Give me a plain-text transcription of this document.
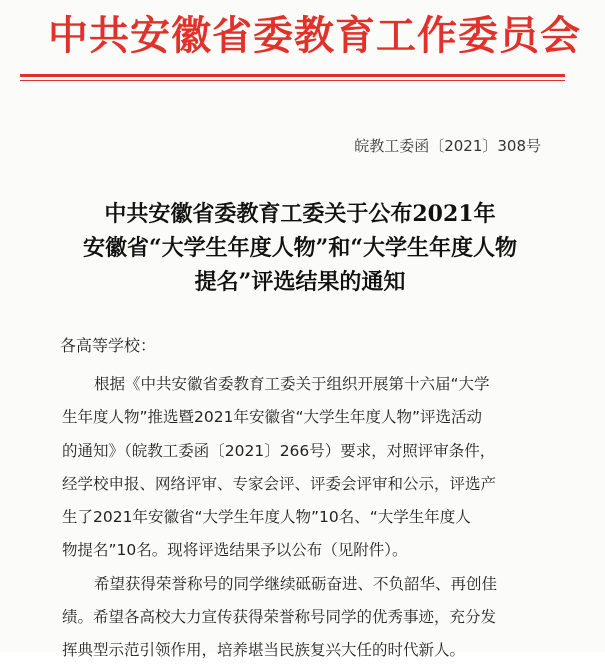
中共安徽省委教育工作委员会
皖教工委函〔2021〕308号
中共安徽省委教育工委关于公布2021年
安徽省“大学生年度人物”和“大学生年度人物
提名”评选结果的通知
各高等学校：
根据《中共安徽省委教育工委关于组织开展第十六届“大学
生年度人物”推选暨2021年安徽省“大学生年度人物”评选活动
的通知》（皖教工委函〔2021〕266号）要求，对照评审条件，
经学校申报、网络评审、专家会评、评委会评审和公示，评选产
生了2021年安徽省“大学生年度人物”10名、“大学生年度人
物提名”10名。现将评选结果予以公布（见附件）。
希望获得荣誉称号的同学继续砥砺奋进、不负韶华、再创佳
绩。希望各高校大力宣传获得荣誉称号同学的优秀事迹，充分发
挥典型示范引领作用，培养堪当民族复兴大任的时代新人。
